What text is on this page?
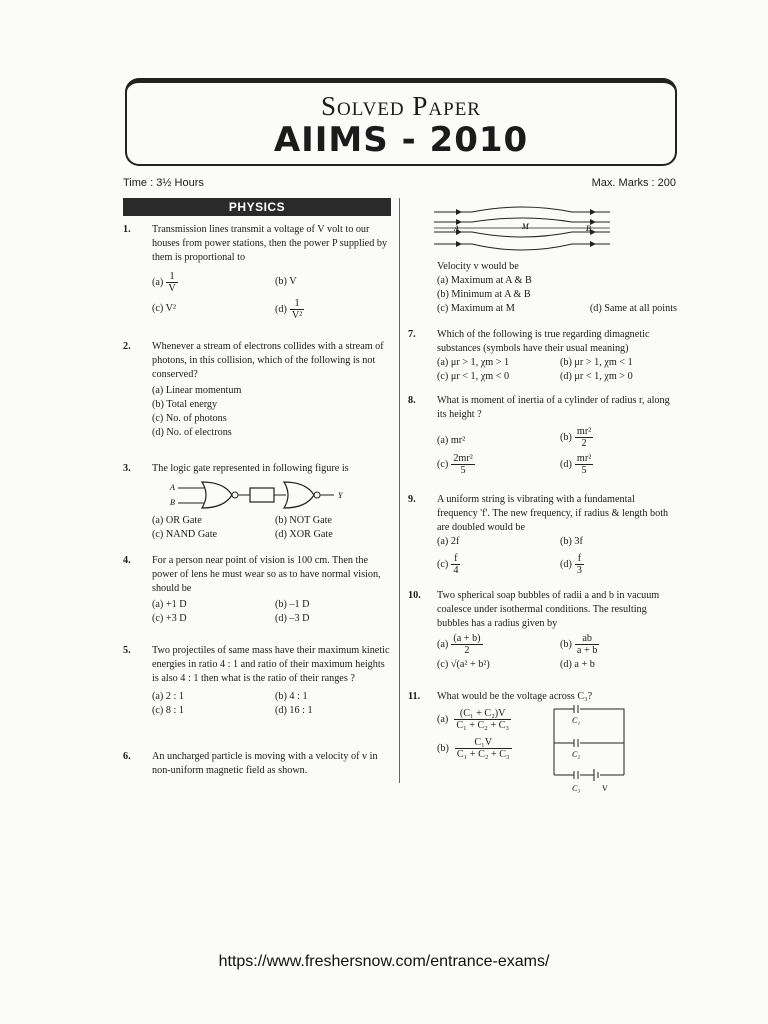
Solved Paper
AIIMS - 2010
Time : 3½ Hours	Max. Marks : 200
PHYSICS
1. Transmission lines transmit a voltage of V volt to our houses from power stations, then the power P supplied by them is proportional to

$(a) \frac{1}{V}$	(b) V
(c) V²	$(d) \frac{1}{\text{V²}}$
2. Whenever a stream of electrons collides with a stream of photons, in this collision, which of the following is not conserved?

(a) Linear momentum
(b) Total energy
(c) No. of photons
(d) No. of electrons
3. The logic gate represented in following figure is

A
B
Y
(a) OR Gate	(b) NOT Gate
(c) NAND Gate	(d) XOR Gate
4. For a person near point of vision is 100 cm. Then the power of lens he must wear so as to have normal vision, should be

(a) +1 D	(b) –1 D
(c) +3 D	(d) –3 D
5. Two projectiles of same mass have their maximum kinetic energies in ratio 4 : 1 and ratio of their maximum heights is also 4 : 1 then what is the ratio of their ranges ?

(a) 2 : 1	(b) 4 : 1
(c) 8 : 1	(d) 16 : 1
6. An uncharged particle is moving with a velocity of v in non-uniform magnetic field as shown.

A	M	B

Velocity v would be

(a) Maximum at A & B
(b) Minimum at A & B
(c) Maximum at M	(d) Same at all points
7. Which of the following is true regarding dimagnetic substances (symbols have their usual meaning)

(a) μr > 1, χm > 1	(b) μr > 1, χm < 1
(c) μr < 1, χm < 0	(d) μr < 1, χm > 0
8. What is moment of inertia of a cylinder of radius r, along its height ?

(a) mr²	$(b) \frac{\text{mr²}}{2}$
$(c) \frac{\text{2mr²}}{5}$	$(d) \frac{\text{mr²}}{5}$
9. A uniform string is vibrating with a fundamental frequency 'f'. The new frequency, if radius & length both are doubled would be

(a) 2f	(b) 3f
$(c) \frac{f}{4}$	$(d) \frac{f}{3}$
10. Two spherical soap bubbles of radii a and b in vacuum coalesce under isothermal conditions. The resulting bubbles has a radius given by

$(a) \frac{(a + b)}{2}$	$(b) \frac{ab}{a + b}$
(c) √(a² + b²)	(d) a + b
11. What would be the voltage across C₃?

$(a) \frac{\text{(C₁ + C₂)V}}{\text{C₁ + C₂ + C₃}}$
$(b) \frac{\text{C₁V}}{\text{C₁ + C₂ + C₃}}$
C₁
C₂
C₃	V
https://www.freshersnow.com/entrance-exams/
